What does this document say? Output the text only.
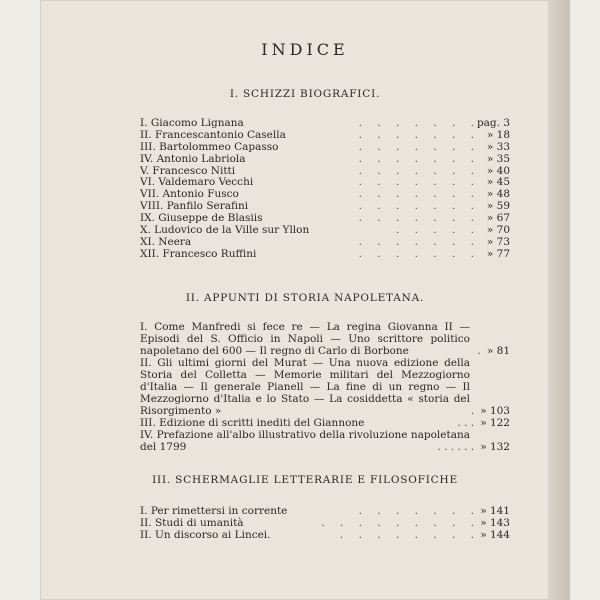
INDICE
I. SCHIZZI BIOGRAFICI.
. . . . . . .
I. Giacomo Lignana	pag. 3
. . . . . . .
II. Francescantonio Casella	» 18
. . . . . . .
III. Bartolommeo Capasso	» 33
. . . . . . .
IV. Antonio Labriola	» 35
. . . . . . .
V. Francesco Nitti	» 40
. . . . . . .
VI. Valdemaro Vecchi	» 45
. . . . . . .
VII. Antonio Fusco	» 48
. . . . . . .
VIII. Panfilo Serafini	» 59
. . . . . . .
IX. Giuseppe de Blasiis	» 67
. . . . .
X. Ludovico de la Ville sur Yllon	» 70
. . . . . . .
XI. Neera	» 73
. . . . . . .
XII. Francesco Ruffini	» 77
II. APPUNTI DI STORIA NAPOLETANA.
I. Come Manfredi si fece re — La regina Giovanna II — Episodi del S. Officio in Napoli — Uno scrittore politico napoletano del 600 — Il regno di Carlo di Borbone	. » 81
II. Gli ultimi giorni del Murat — Una nuova edizione della Storia del Colletta — Memorie militari del Mezzogiorno d'Italia — Il generale Pianell — La fine di un regno — Il Mezzogiorno d'Italia e lo Stato — La cosiddetta « storia del Risorgimento »	. » 103
III. Edizione di scritti inediti del Giannone	. . . » 122
IV. Prefazione all'albo illustrativo della rivoluzione napoletana del 1799	. . . . . . » 132
III. SCHERMAGLIE LETTERARIE E FILOSOFICHE
. . . . . . .
I. Per rimettersi in corrente	» 141
. . . . . . . . .
II. Studi di umanità	» 143
. . . . . . . .
II. Un discorso ai Lincei.	» 144
